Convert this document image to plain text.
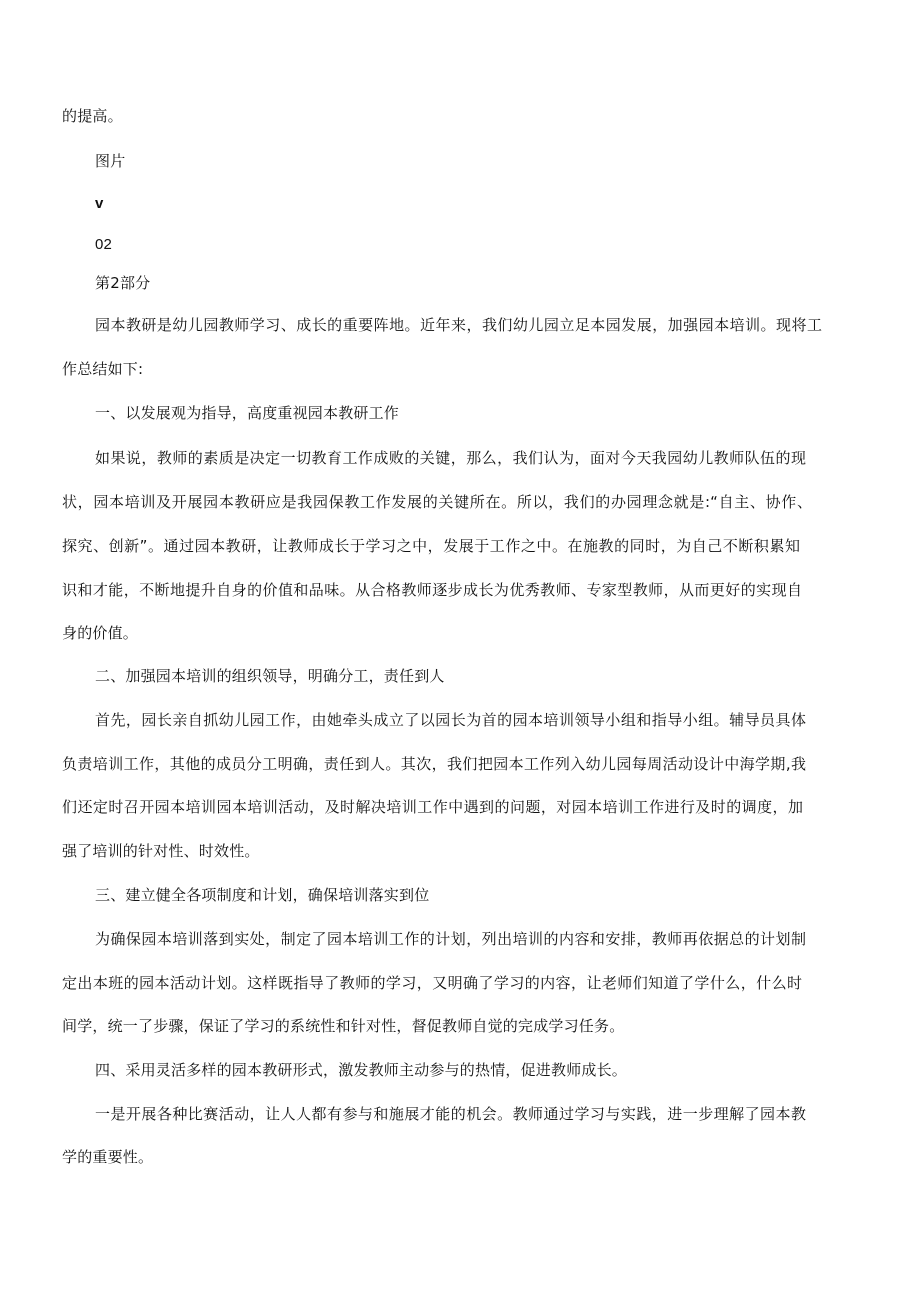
的提高。
图片
v
02
第2部分
园本教研是幼儿园教师学习、成长的重要阵地。近年来，我们幼儿园立足本园发展，加强园本培训。现将工
作总结如下:
一、以发展观为指导，高度重视园本教研工作
如果说，教师的素质是决定一切教育工作成败的关键，那么，我们认为，面对今天我园幼儿教师队伍的现
状，园本培训及开展园本教研应是我园保教工作发展的关键所在。所以，我们的办园理念就是:“自主、协作、
探究、创新”。通过园本教研，让教师成长于学习之中，发展于工作之中。在施教的同时，为自己不断积累知
识和才能，不断地提升自身的价值和品味。从合格教师逐步成长为优秀教师、专家型教师，从而更好的实现自
身的价值。
二、加强园本培训的组织领导，明确分工，责任到人
首先，园长亲自抓幼儿园工作，由她牵头成立了以园长为首的园本培训领导小组和指导小组。辅导员具体
负责培训工作，其他的成员分工明确，责任到人。其次，我们把园本工作列入幼儿园每周活动设计中海学期,我
们还定时召开园本培训园本培训活动，及时解决培训工作中遇到的问题，对园本培训工作进行及时的调度，加
强了培训的针对性、时效性。
三、建立健全各项制度和计划，确保培训落实到位
为确保园本培训落到实处，制定了园本培训工作的计划，列出培训的内容和安排，教师再依据总的计划制
定出本班的园本活动计划。这样既指导了教师的学习，又明确了学习的内容，让老师们知道了学什么，什么时
间学，统一了步骤，保证了学习的系统性和针对性，督促教师自觉的完成学习任务。
四、采用灵活多样的园本教研形式，激发教师主动参与的热情，促进教师成长。
一是开展各种比赛活动，让人人都有参与和施展才能的机会。教师通过学习与实践，进一步理解了园本教
学的重要性。
